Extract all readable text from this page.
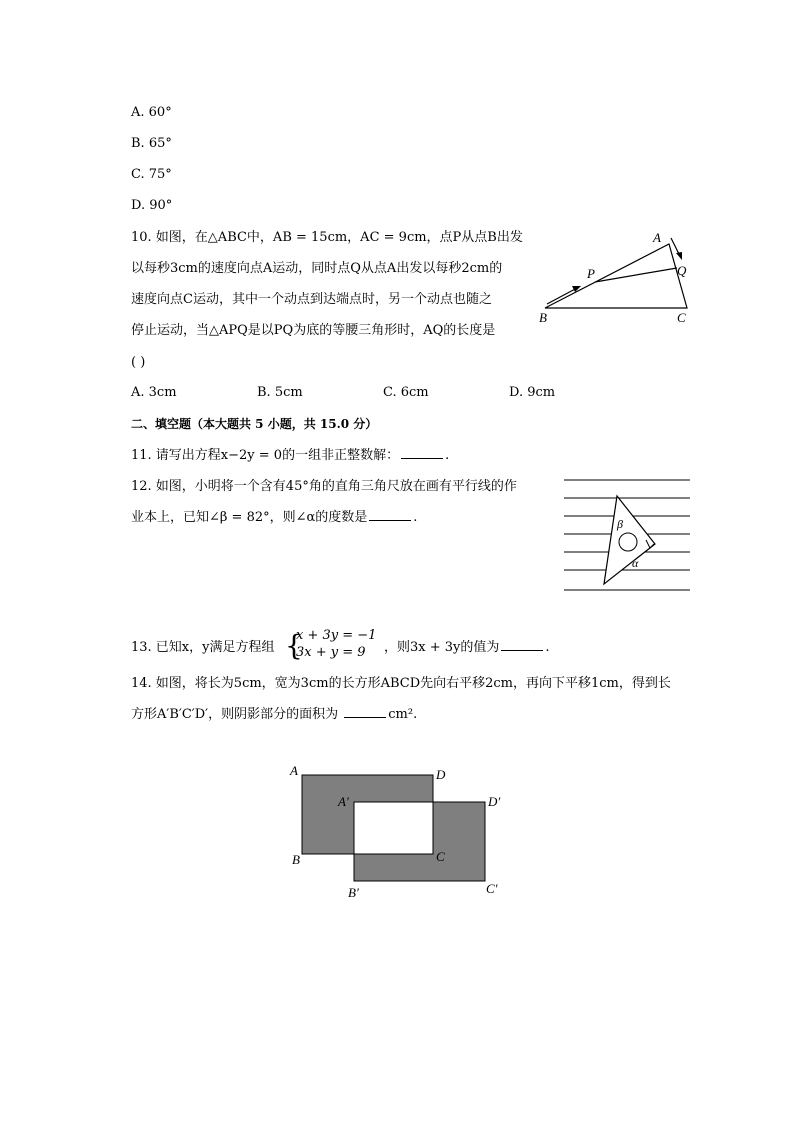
A. 60°
B. 65°
C. 75°
D. 90°
10. 如图，在△ABC中，AB = 15cm，AC = 9cm，点P从点B出发
以每秒3cm的速度向点A运动，同时点Q从点A出发以每秒2cm的
速度向点C运动，其中一个动点到达端点时，另一个动点也随之
停止运动，当△APQ是以PQ为底的等腰三角形时，AQ的长度是
( )
A. 3cm	B. 5cm	C. 6cm	D. 9cm
A
B	C
P	Q
二、填空题（本大题共 5 小题，共 15.0 分）
11. 请写出方程x−2y = 0的一组非正整数解：	.
12. 如图，小明将一个含有45°角的直角三角尺放在画有平行线的作
业本上，已知∠β = 82°，则∠α的度数是	.	β
α
13. 已知x，y满足方程组 {
x + 3y = −1
3x + y = 9 ，则3x + 3y的值为	.
14. 如图，将长为5cm，宽为3cm的长方形ABCD先向右平移2cm，再向下平移1cm，得到长
方形A′B′C′D′，则阴影部分的面积为	cm².
A	D
B	C
A′	D′
B′	C′
